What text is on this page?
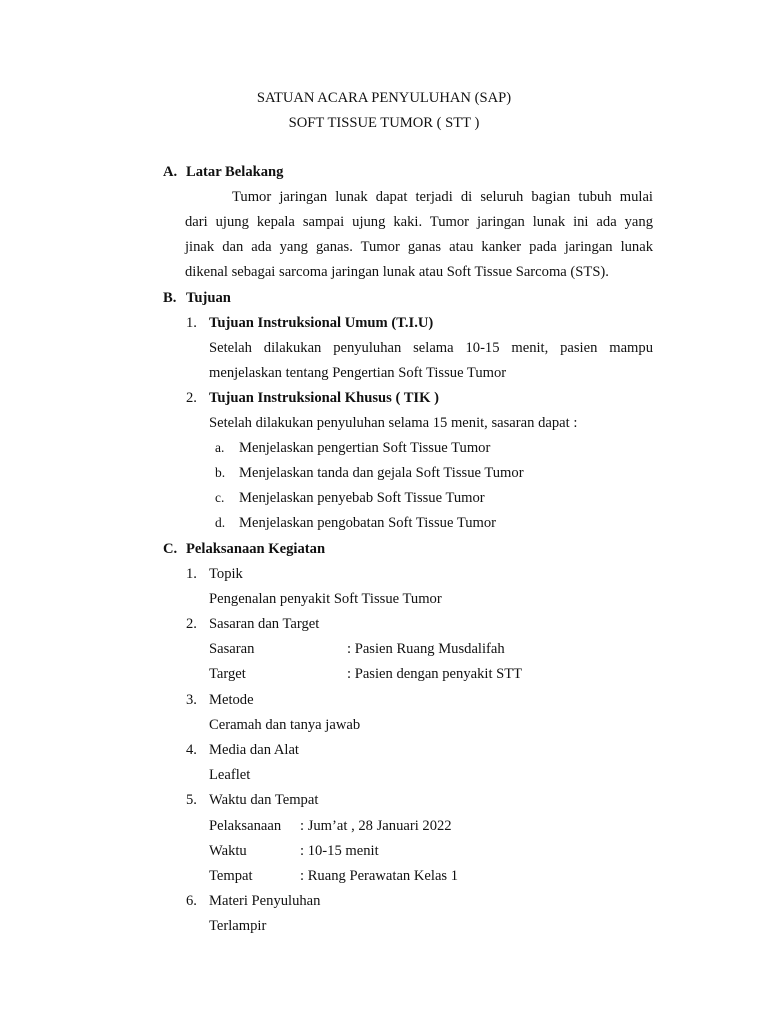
SATUAN ACARA PENYULUHAN (SAP)
SOFT TISSUE TUMOR ( STT )
A. Latar Belakang
Tumor jaringan lunak dapat terjadi di seluruh bagian tubuh mulai
dari ujung kepala sampai ujung kaki. Tumor jaringan lunak ini ada yang
jinak dan ada yang ganas. Tumor ganas atau kanker pada jaringan lunak
dikenal sebagai sarcoma jaringan lunak atau Soft Tissue Sarcoma (STS).
B. Tujuan
1. Tujuan Instruksional Umum (T.I.U)
Setelah dilakukan penyuluhan selama 10-15 menit, pasien mampu
menjelaskan tentang Pengertian Soft Tissue Tumor
2. Tujuan Instruksional Khusus ( TIK )
Setelah dilakukan penyuluhan selama 15 menit, sasaran dapat :
a. Menjelaskan pengertian Soft Tissue Tumor
b. Menjelaskan tanda dan gejala Soft Tissue Tumor
c. Menjelaskan penyebab Soft Tissue Tumor
d. Menjelaskan pengobatan Soft Tissue Tumor
C. Pelaksanaan Kegiatan
1. Topik
Pengenalan penyakit Soft Tissue Tumor
2. Sasaran dan Target
Sasaran	: Pasien Ruang Musdalifah
Target	: Pasien dengan penyakit STT
3. Metode
Ceramah dan tanya jawab
4. Media dan Alat
Leaflet
5. Waktu dan Tempat
Pelaksanaan : Jum’at , 28 Januari 2022
Waktu	: 10-15 menit
Tempat	: Ruang Perawatan Kelas 1
6. Materi Penyuluhan
Terlampir
